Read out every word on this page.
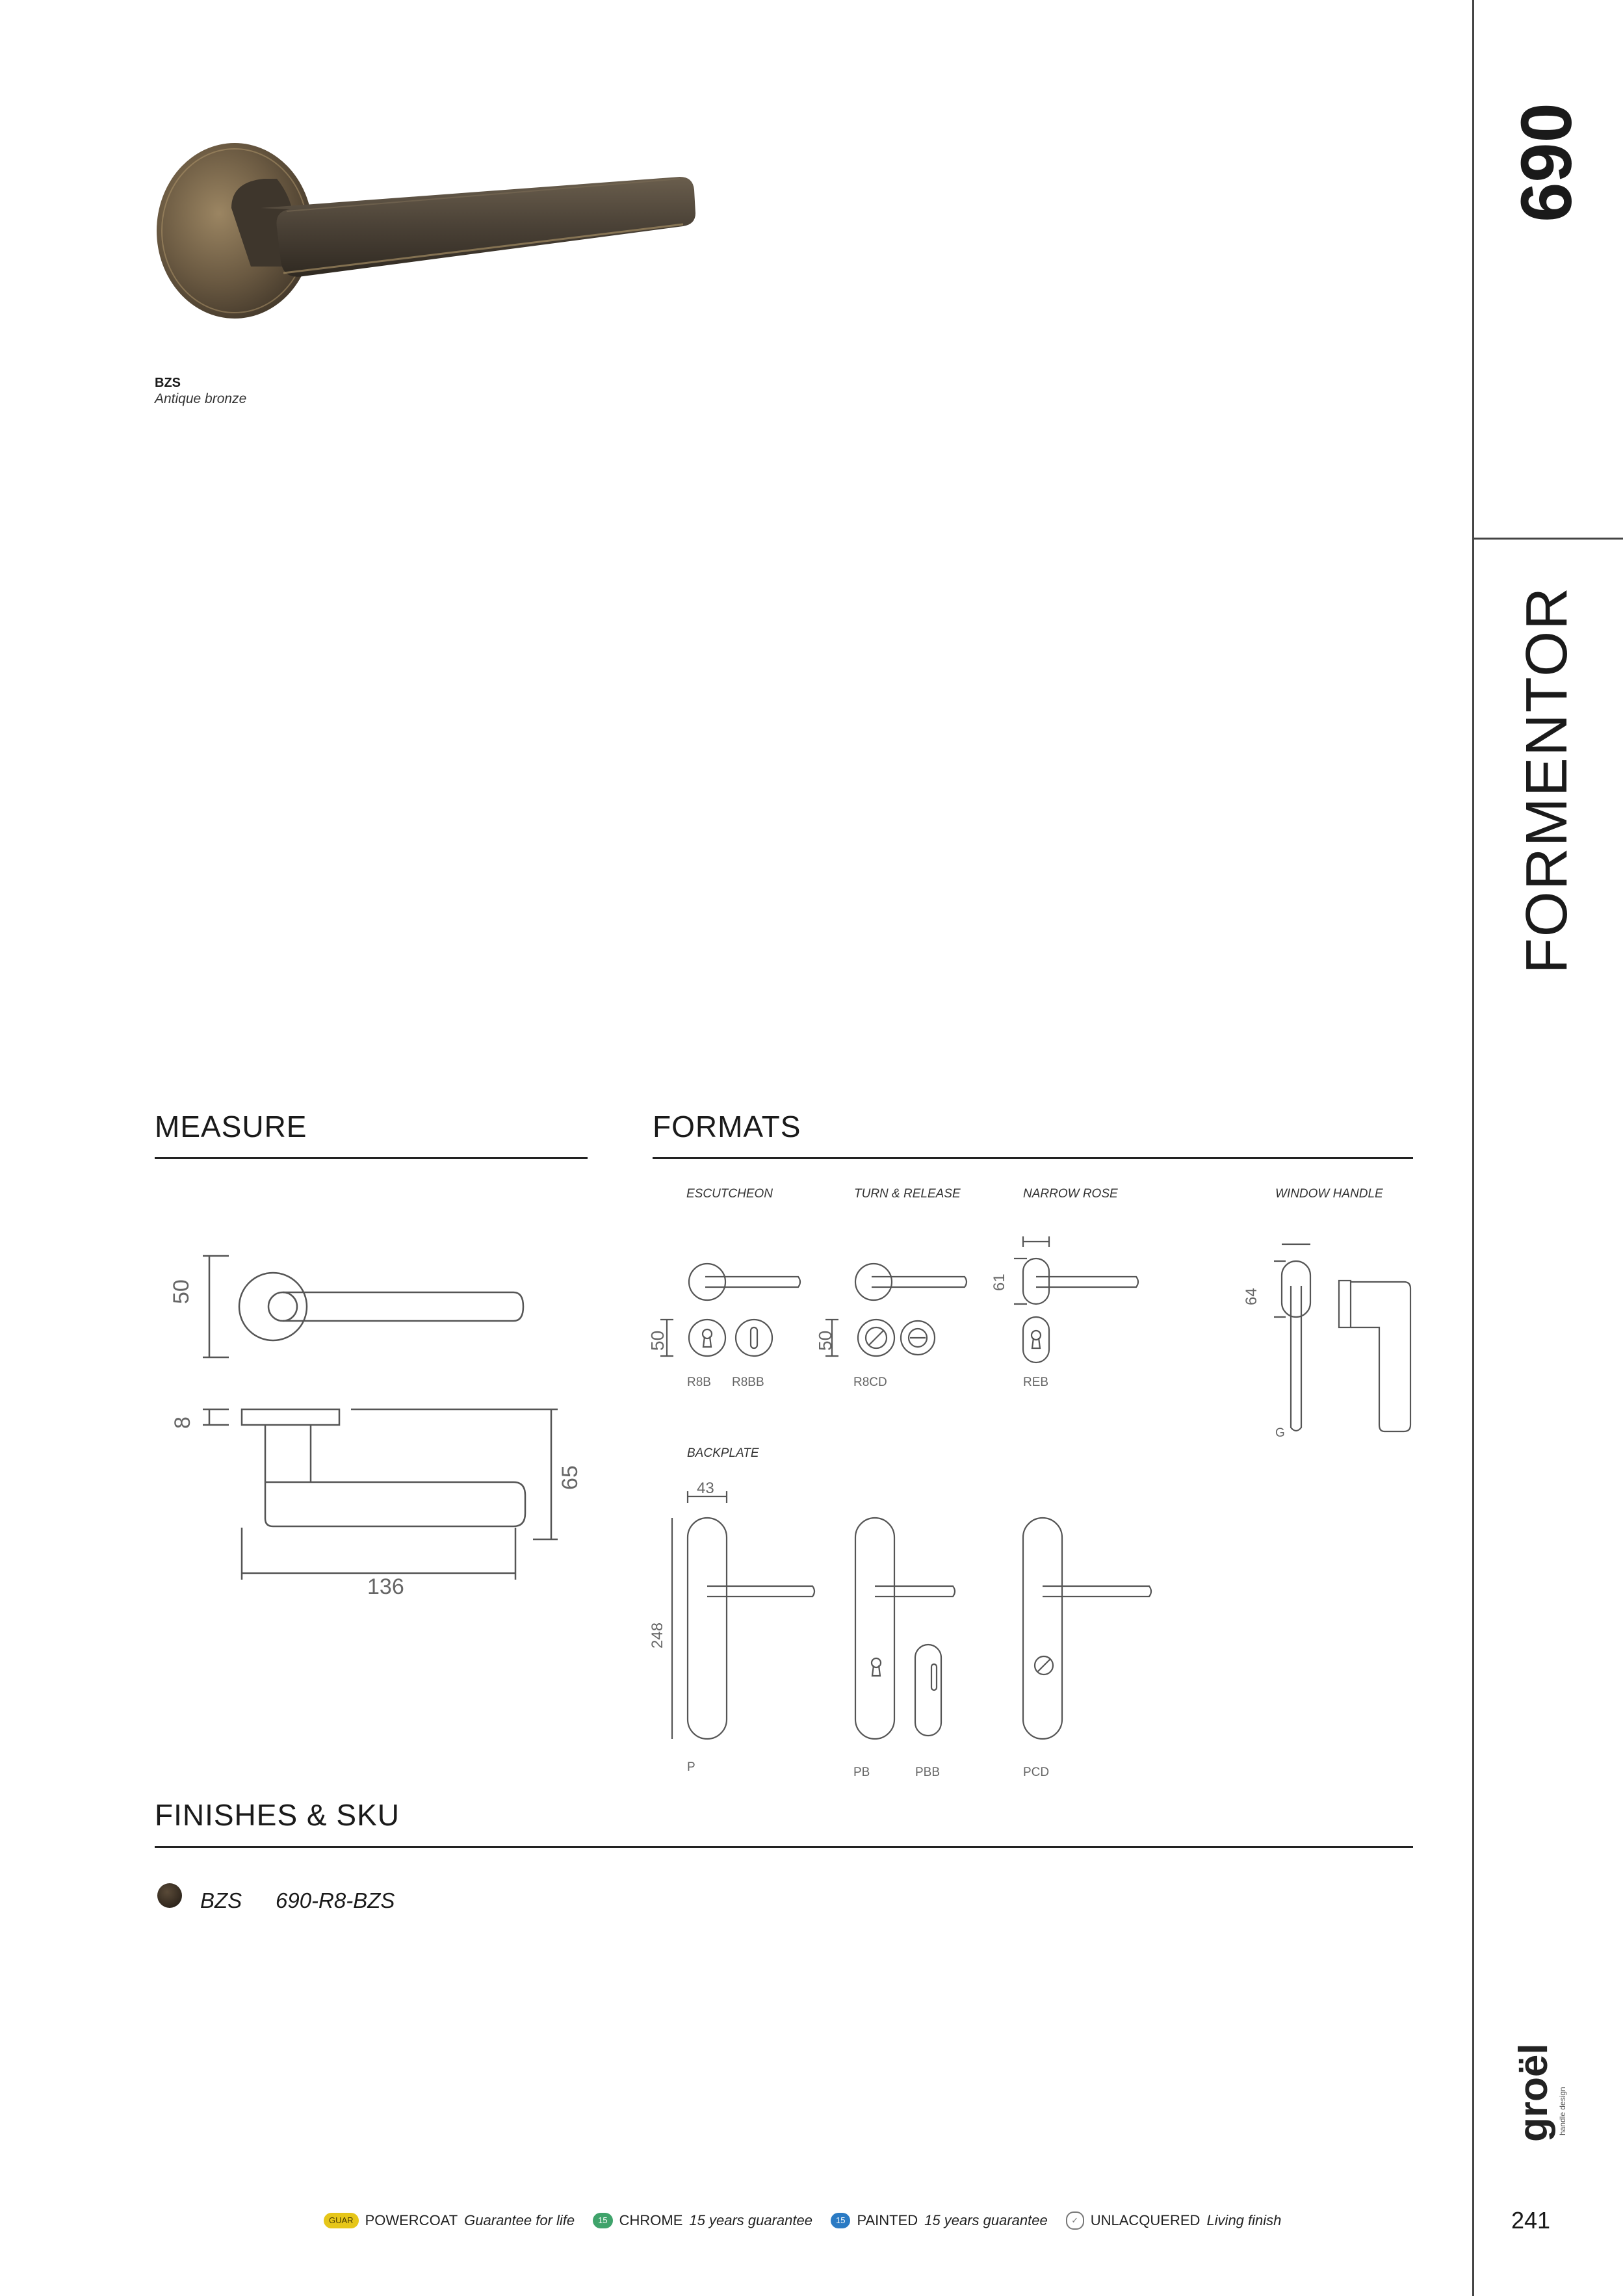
BZS
Antique bronze
690
FORMENTOR
groël handle design
241
MEASURE	FORMATS
50
8
65
136
ESCUTCHEON	TURN & RELEASE	NARROW ROSE	WINDOW HANDLE
BACKPLATE
50	50
61
64
43
248
R8B R8BB	R8CD	REB
G
P	PB	PBB	PCD
FINISHES & SKU
BZS 690-R8-BZS
GUAR POWERCOAT Guarantee for life	15 CHROME 15 years guarantee	15 PAINTED 15 years guarantee	✓ UNLACQUERED Living finish
